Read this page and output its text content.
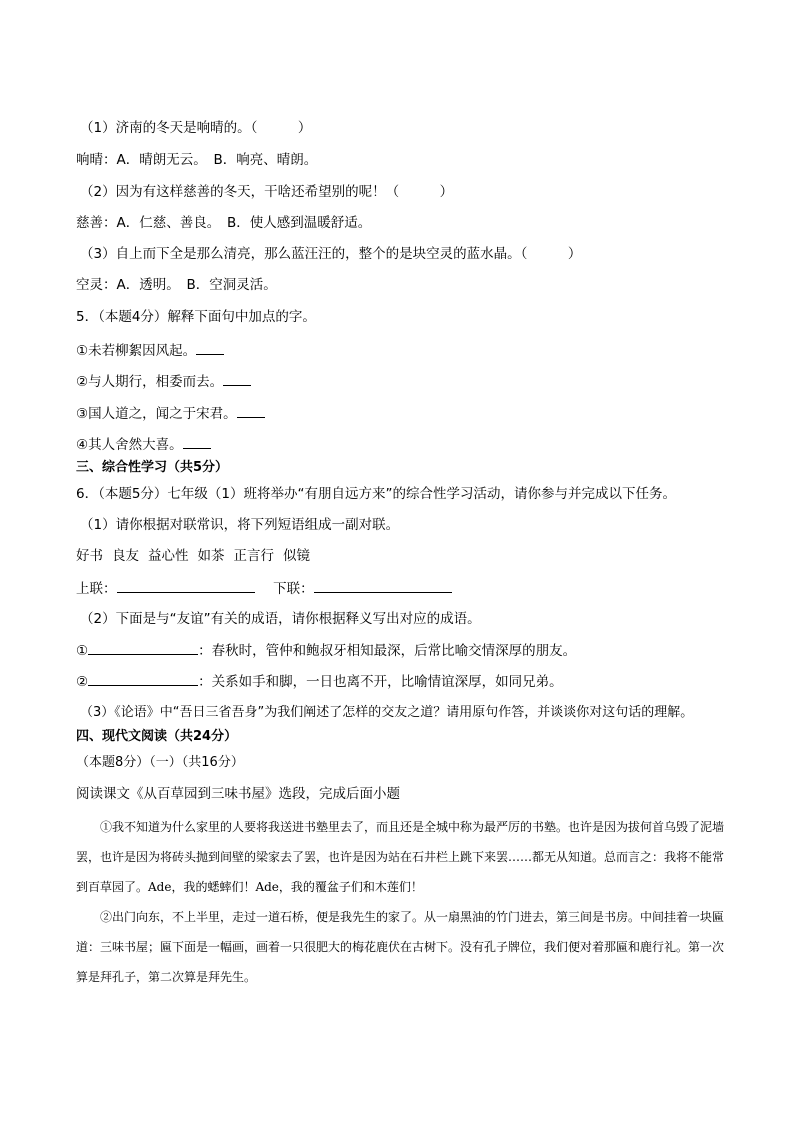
（1）济南的冬天是响晴的。（　　　）
响晴：A．晴朗无云。　B．响亮、晴朗。
（2）因为有这样慈善的冬天，干啥还希望别的呢！（　　　）
慈善：A．仁慈、善良。　B．使人感到温暖舒适。
（3）自上而下全是那么清亮，那么蓝汪汪的，整个的是块空灵的蓝水晶。（　　　）
空灵：A．透明。　B．空洞灵活。
5．（本题4分）解释下面句中加点的字。
①未若柳絮因风起。
②与人期行，相委而去。
③国人道之，闻之于宋君。
④其人舍然大喜。
三、综合性学习（共5分）
6．（本题5分）七年级（1）班将举办“有朋自远方来”的综合性学习活动，请你参与并完成以下任务。
（1）请你根据对联常识，将下列短语组成一副对联。
好书 良友 益心性 如茶 正言行 似镜
上联：	下联：
（2）下面是与“友谊”有关的成语，请你根据释义写出对应的成语。
①	：春秋时，管仲和鲍叔牙相知最深，后常比喻交情深厚的朋友。
②	：关系如手和脚，一日也离不开，比喻情谊深厚，如同兄弟。
（3）《论语》中“吾日三省吾身”为我们阐述了怎样的交友之道？请用原句作答，并谈谈你对这句话的理解。
四、现代文阅读（共24分）
（本题8分）（一）（共16分）
阅读课文《从百草园到三味书屋》选段，完成后面小题

①我不知道为什么家里的人要将我送进书塾里去了，而且还是全城中称为最严厉的书塾。也许是因为拔何首乌毁了泥墙罢，也许是因为将砖头抛到间壁的梁家去了罢，也许是因为站在石井栏上跳下来罢……都无从知道。总而言之：我将不能常到百草园了。Ade，我的蟋蟀们！Ade，我的覆盆子们和木莲们！

②出门向东，不上半里，走过一道石桥，便是我先生的家了。从一扇黑油的竹门进去，第三间是书房。中间挂着一块匾道：三味书屋；匾下面是一幅画，画着一只很肥大的梅花鹿伏在古树下。没有孔子牌位，我们便对着那匾和鹿行礼。第一次算是拜孔子，第二次算是拜先生。
